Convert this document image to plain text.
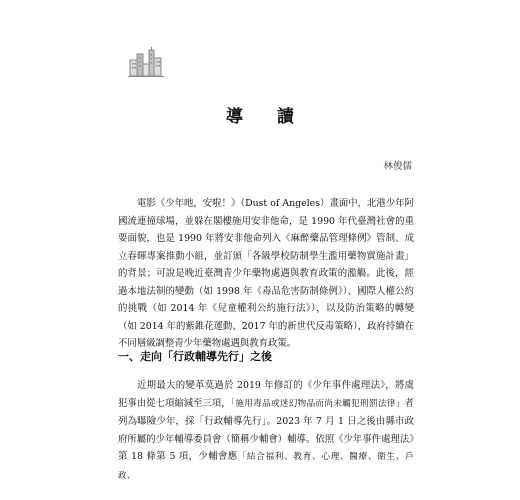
導 讀
林俊儒

電影《少年吔，安啦！》（Dust of Angeles）畫面中，北港少年阿國流連撞球場，並躲在閣樓施用安非他命，是 1990 年代臺灣社會的重要面貌，也是 1990 年將安非他命列入《麻醉藥品管理條例》管制、成立春暉專案推動小組，並訂頒「各級學校防制學生濫用藥物實施計畫」的背景；可說是晚近臺灣青少年藥物處遇與教育政策的濫觴。此後，經過本地法制的變動（如 1998 年《毒品危害防制條例》）、國際人權公約的挑戰（如 2014 年《兒童權利公約施行法》），以及防治策略的轉變（如 2014 年的紫錐花運動、2017 年的新世代反毒策略），政府持續在不同層級調整青少年藥物處遇與教育政策。

一、走向「行政輔導先行」之後

近期最大的變革莫過於 2019 年修訂的《少年事件處理法》，將虞犯事由從七項縮減至三項，「施用毒品或迷幻物品而尚未觸犯刑罰法律」者列為曝險少年，採「行政輔導先行」。2023 年 7 月 1 日之後由縣市政府所屬的少年輔導委員會（簡稱少輔會）輔導。依照《少年事件處理法》第 18 條第 5 項，少輔會應「結合福利、教育、心理、醫療、衛生、戶政、
